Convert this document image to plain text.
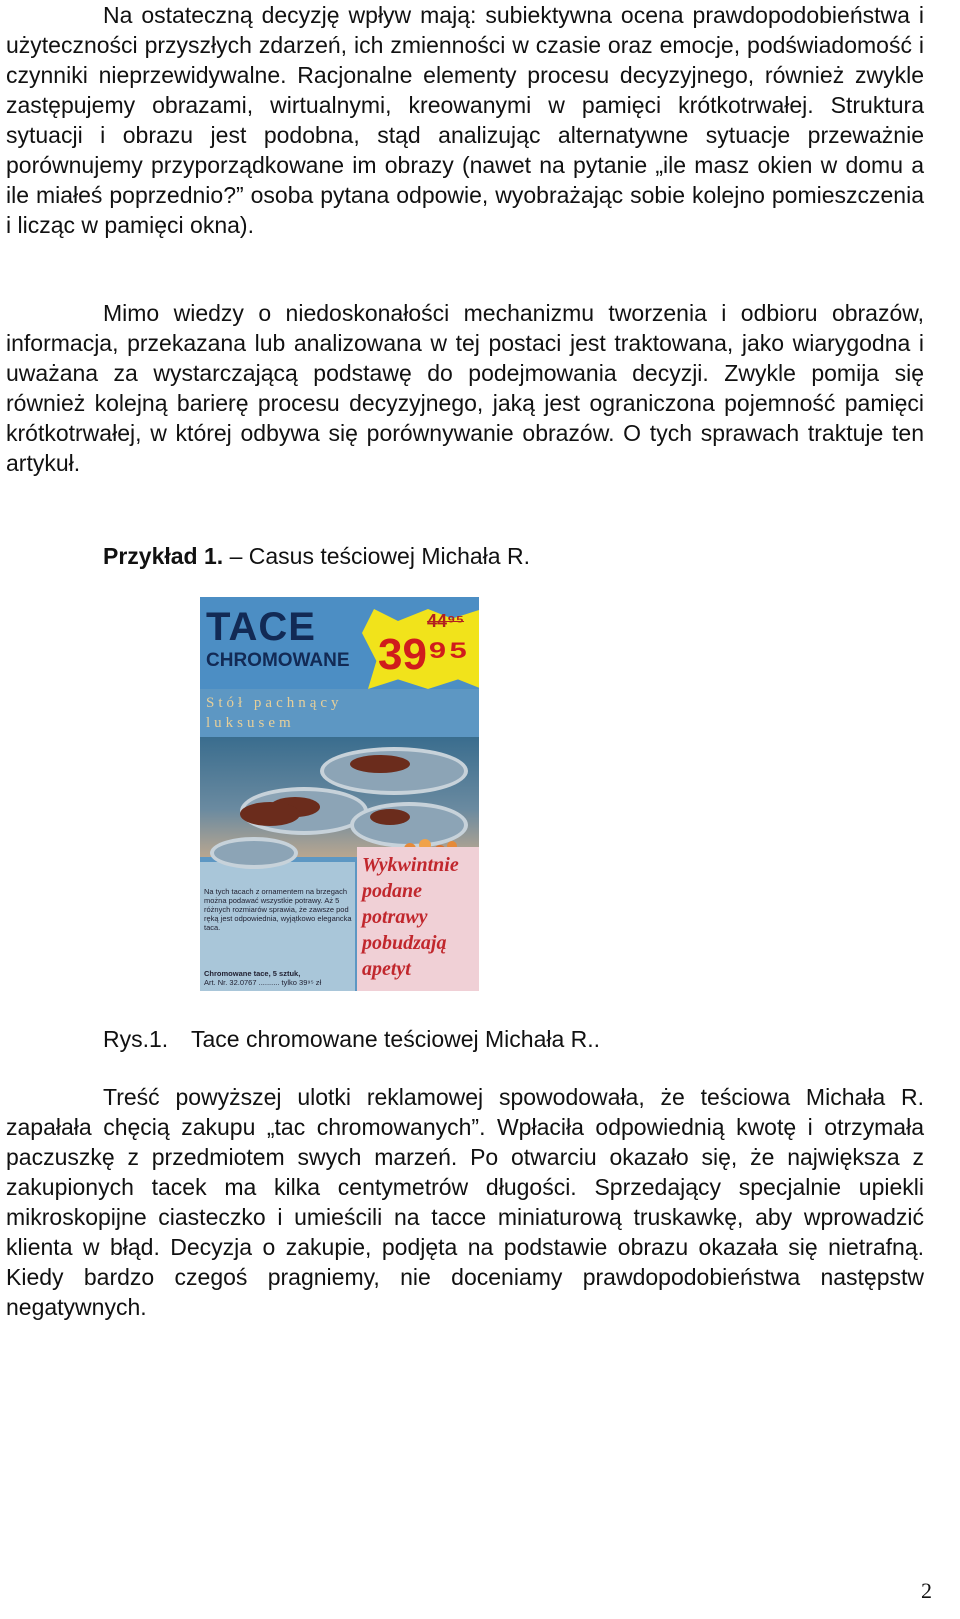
Na ostateczną decyzję wpływ mają: subiektywna ocena prawdopodobieństwa i użyteczności przyszłych zdarzeń, ich zmienności w czasie oraz emocje, podświadomość i czynniki nieprzewidywalne. Racjonalne elementy procesu decyzyjnego, również zwykle zastępujemy obrazami, wirtualnymi, kreowanymi w pamięci krótkotrwałej. Struktura sytuacji i obrazu jest podobna, stąd analizując alternatywne sytuacje przeważnie porównujemy przyporządkowane im obrazy (nawet na pytanie „ile masz okien w domu a ile miałeś poprzednio?” osoba pytana odpowie, wyobrażając sobie kolejno pomieszczenia i licząc w pamięci okna).

Mimo wiedzy o niedoskonałości mechanizmu tworzenia i odbioru obrazów, informacja, przekazana lub analizowana w tej postaci jest traktowana, jako wiarygodna i uważana za wystarczającą podstawę do podejmowania decyzji. Zwykle pomija się również kolejną barierę procesu decyzyjnego, jaką jest ograniczona pojemność pamięci krótkotrwałej, w której odbywa się porównywanie obrazów. O tych sprawach traktuje ten artykuł.

Przykład 1. – Casus teściowej Michała R.

TACE
CHROMOWANE
44⁹⁵
39⁹⁵
Stół pachnący luksusem
Na tych tacach z ornamentem na brzegach można podawać wszystkie potrawy. Aż 5 różnych rozmiarów sprawia, że zawsze pod ręką jest odpowiednia, wyjątkowo elegancka taca.
Chromowane tace, 5 sztuk,
Art. Nr. 32.0767 .......... tylko 39⁹⁵ zł
Wykwintnie podane potrawy pobudzają apetyt

Rys.1. Tace chromowane teściowej Michała R..

Treść powyższej ulotki reklamowej spowodowała, że teściowa Michała R. zapałała chęcią zakupu „tac chromowanych”. Wpłaciła odpowiednią kwotę i otrzymała paczuszkę z przedmiotem swych marzeń. Po otwarciu okazało się, że największa z zakupionych tacek ma kilka centymetrów długości. Sprzedający specjalnie upiekli mikroskopijne ciasteczko i umieścili na tacce miniaturową truskawkę, aby wprowadzić klienta w błąd. Decyzja o zakupie, podjęta na podstawie obrazu okazała się nietrafną. Kiedy bardzo czegoś pragniemy, nie doceniamy prawdopodobieństwa następstw negatywnych.

2
